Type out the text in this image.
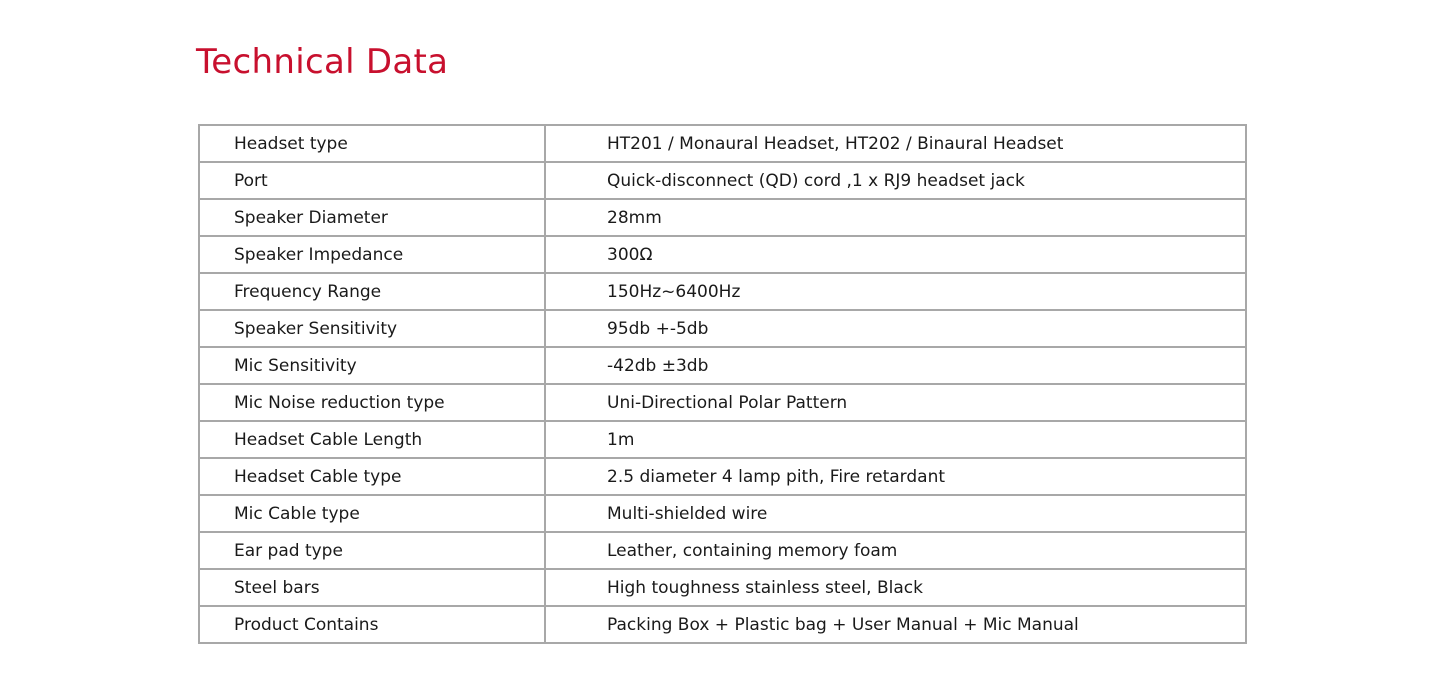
Technical Data
Headset type	HT201 / Monaural Headset, HT202 / Binaural Headset
Port	Quick-disconnect (QD) cord ,1 x RJ9 headset jack
Speaker Diameter	28mm
Speaker Impedance	300Ω
Frequency Range	150Hz~6400Hz
Speaker Sensitivity	95db +-5db
Mic Sensitivity	-42db ±3db
Mic Noise reduction type	Uni-Directional Polar Pattern
Headset Cable Length	1m
Headset Cable type	2.5 diameter 4 lamp pith, Fire retardant
Mic Cable type	Multi-shielded wire
Ear pad type	Leather, containing memory foam
Steel bars	High toughness stainless steel, Black
Product Contains	Packing Box + Plastic bag + User Manual + Mic Manual
